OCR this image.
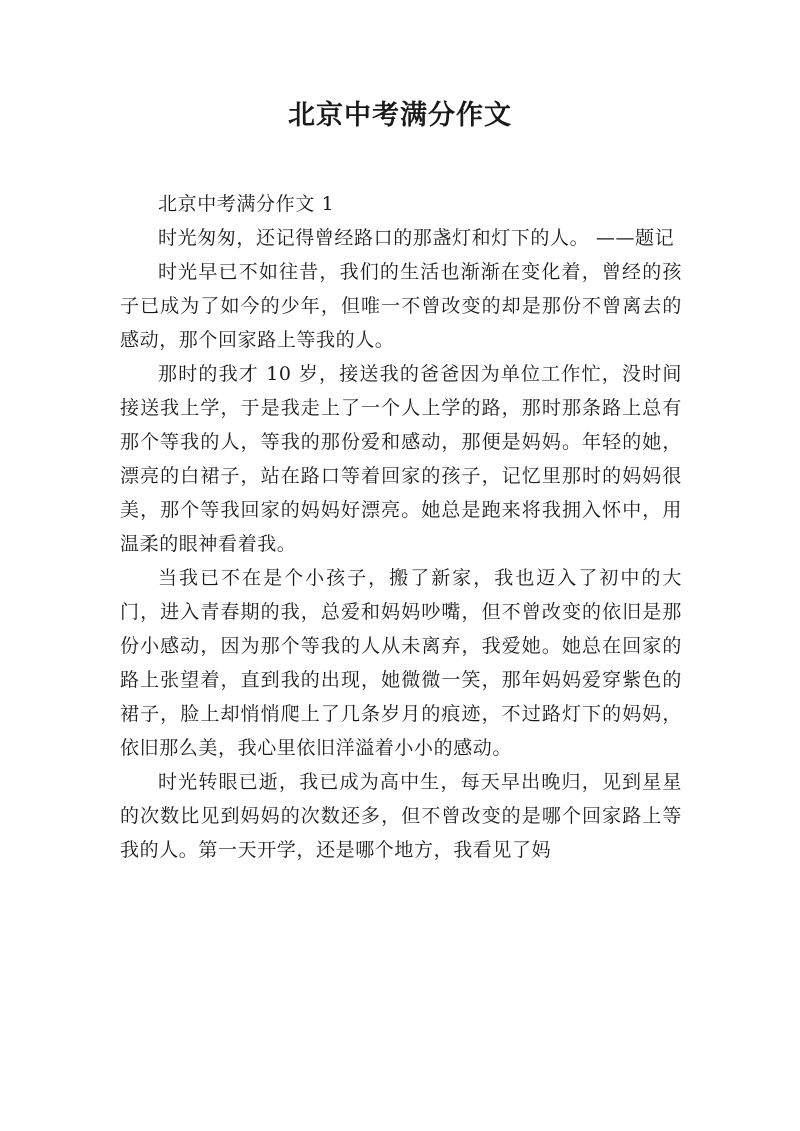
北京中考满分作文

北京中考满分作文 1

时光匆匆，还记得曾经路口的那盏灯和灯下的人。 ——题记

时光早已不如往昔，我们的生活也渐渐在变化着，曾经的孩子已成为了如今的少年，但唯一不曾改变的却是那份不曾离去的感动，那个回家路上等我的人。

那时的我才 10 岁，接送我的爸爸因为单位工作忙，没时间接送我上学，于是我走上了一个人上学的路，那时那条路上总有那个等我的人，等我的那份爱和感动，那便是妈妈。年轻的她，漂亮的白裙子，站在路口等着回家的孩子，记忆里那时的妈妈很美，那个等我回家的妈妈好漂亮。她总是跑来将我拥入怀中，用温柔的眼神看着我。

当我已不在是个小孩子，搬了新家，我也迈入了初中的大门，进入青春期的我，总爱和妈妈吵嘴，但不曾改变的依旧是那份小感动，因为那个等我的人从未离弃，我爱她。她总在回家的路上张望着，直到我的出现，她微微一笑，那年妈妈爱穿紫色的裙子，脸上却悄悄爬上了几条岁月的痕迹，不过路灯下的妈妈，依旧那么美，我心里依旧洋溢着小小的感动。

时光转眼已逝，我已成为高中生，每天早出晚归，见到星星的次数比见到妈妈的次数还多，但不曾改变的是哪个回家路上等我的人。第一天开学，还是哪个地方，我看见了妈
